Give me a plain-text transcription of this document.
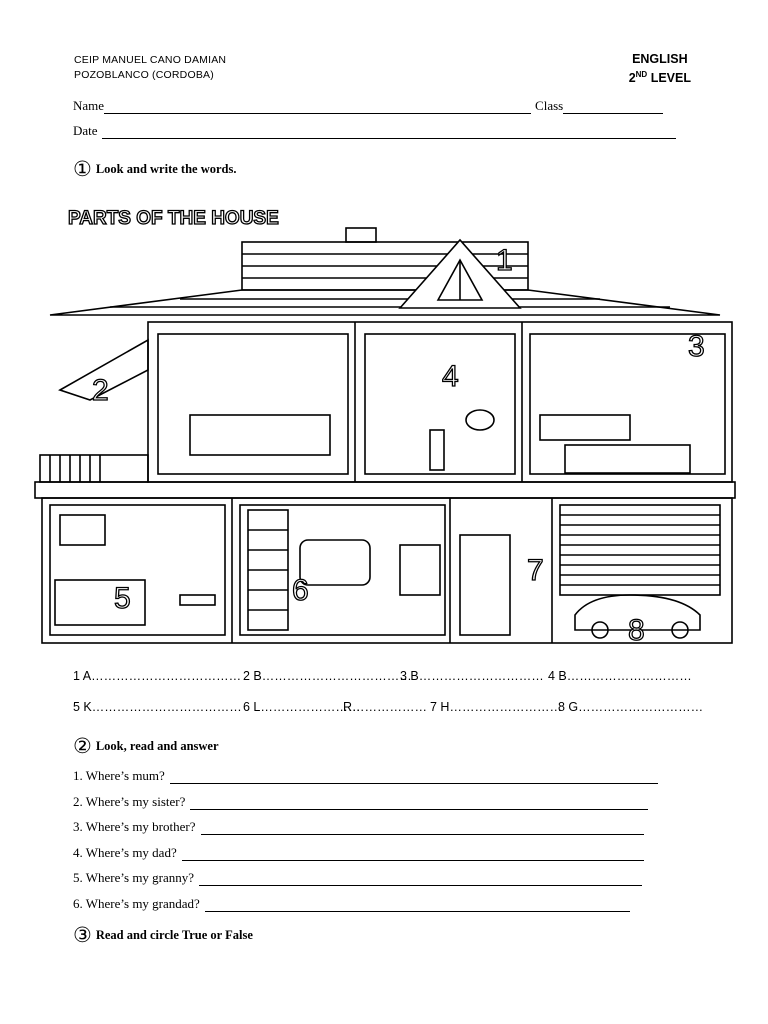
CEIP MANUEL CANO DAMIAN
POZOBLANCO (CORDOBA)
ENGLISH
2ND LEVEL
Name	Class
Date
① Look and write the words.
PARTS OF THE HOUSE
1
2
3
4
5	6
7
8
1 A……………………………… 2 B………………………………
3 B………………………… 4 B…………………………
5 K……………………………… 6 L……………………
R……………… 7 H………………………
8 G…………………………
② Look, read and answer
1. Where’s mum?
2. Where’s my sister?
3. Where’s my brother?
4. Where’s my dad?
5. Where’s my granny?
6. Where’s my grandad?
③ Read and circle True or False
